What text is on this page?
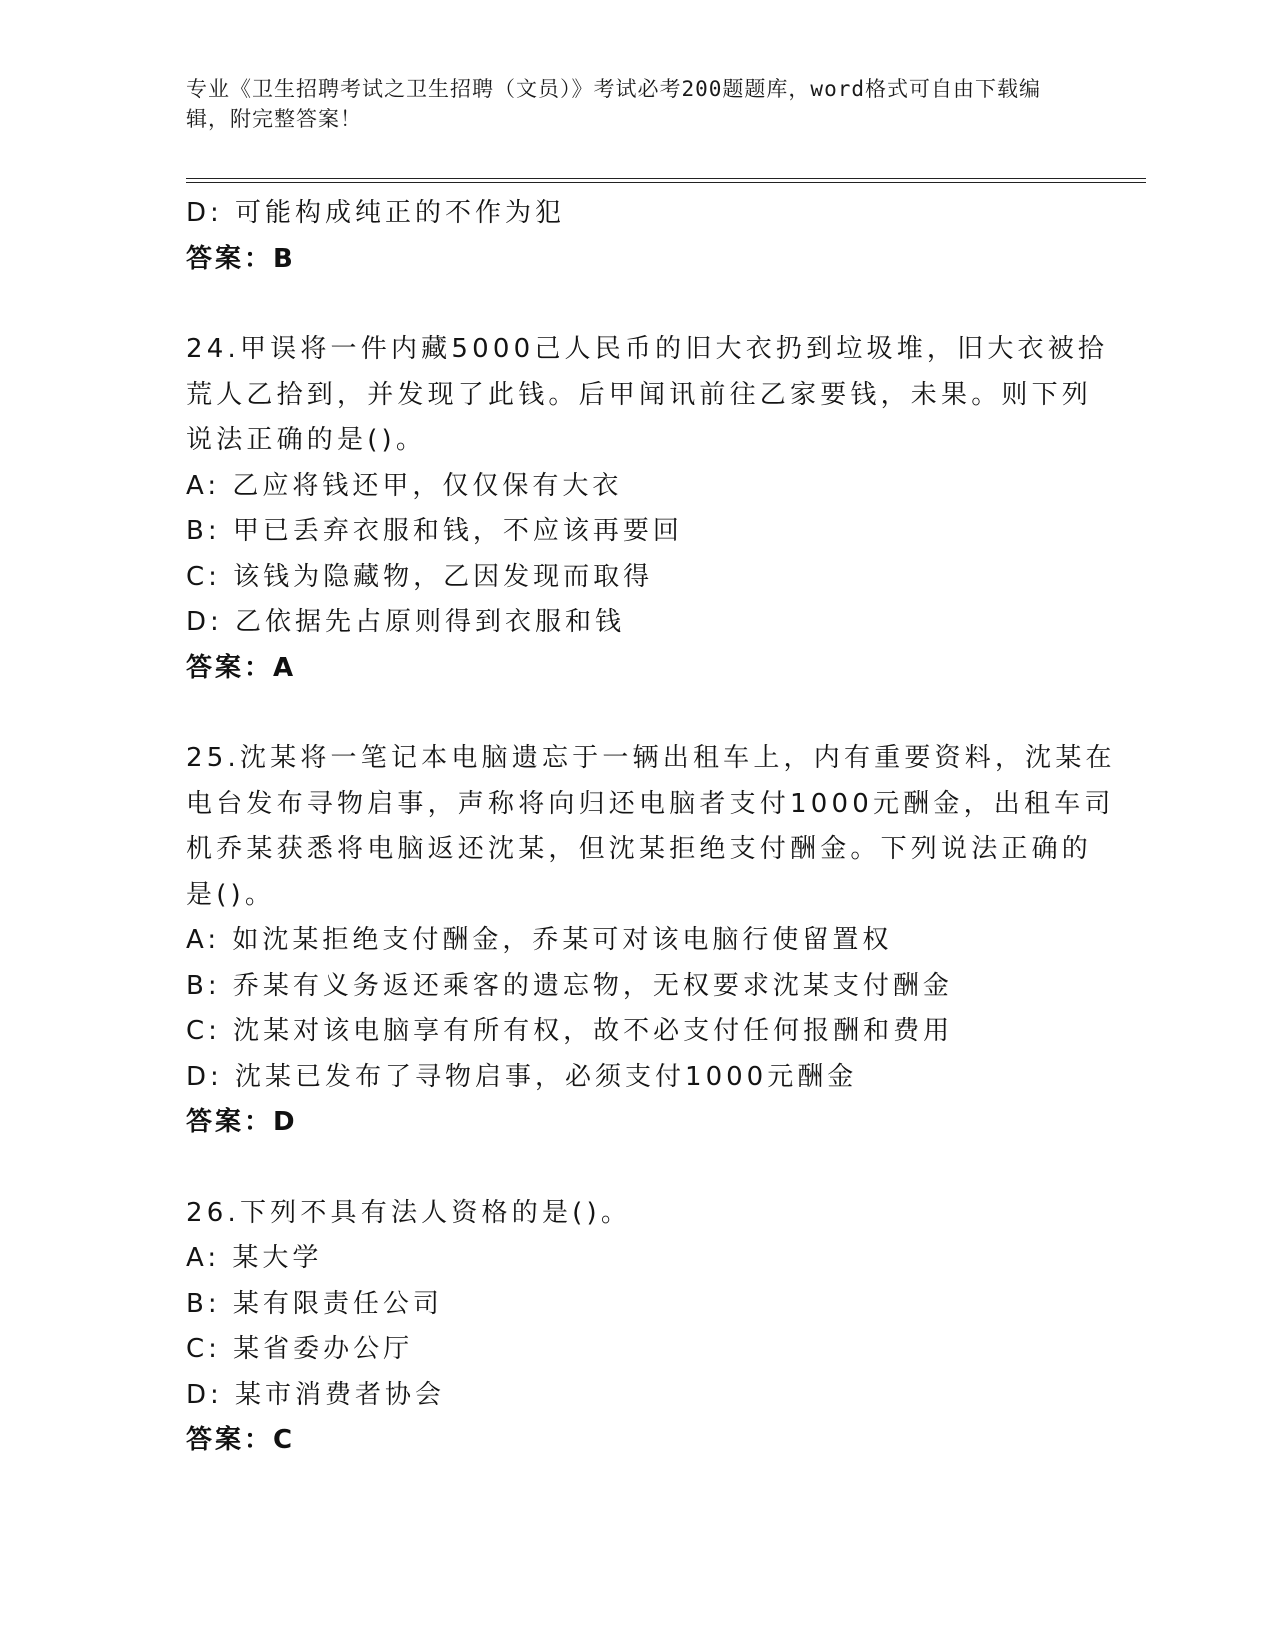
专业《卫生招聘考试之卫生招聘（文员）》考试必考200题题库，word格式可自由下载编辑，附完整答案！
D: 可能构成纯正的不作为犯
答案：B
24.甲误将一件内藏5000己人民币的旧大衣扔到垃圾堆，旧大衣被拾
荒人乙拾到，并发现了此钱。后甲闻讯前往乙家要钱，未果。则下列
说法正确的是()。
A: 乙应将钱还甲，仅仅保有大衣
B: 甲已丢弃衣服和钱，不应该再要回
C: 该钱为隐藏物，乙因发现而取得
D: 乙依据先占原则得到衣服和钱
答案：A
25.沈某将一笔记本电脑遗忘于一辆出租车上，内有重要资料，沈某在
电台发布寻物启事，声称将向归还电脑者支付1000元酬金，出租车司
机乔某获悉将电脑返还沈某，但沈某拒绝支付酬金。下列说法正确的
是()。
A: 如沈某拒绝支付酬金，乔某可对该电脑行使留置权
B: 乔某有义务返还乘客的遗忘物，无权要求沈某支付酬金
C: 沈某对该电脑享有所有权，故不必支付任何报酬和费用
D: 沈某已发布了寻物启事，必须支付1000元酬金
答案：D
26.下列不具有法人资格的是()。
A: 某大学
B: 某有限责任公司
C: 某省委办公厅
D: 某市消费者协会
答案：C
